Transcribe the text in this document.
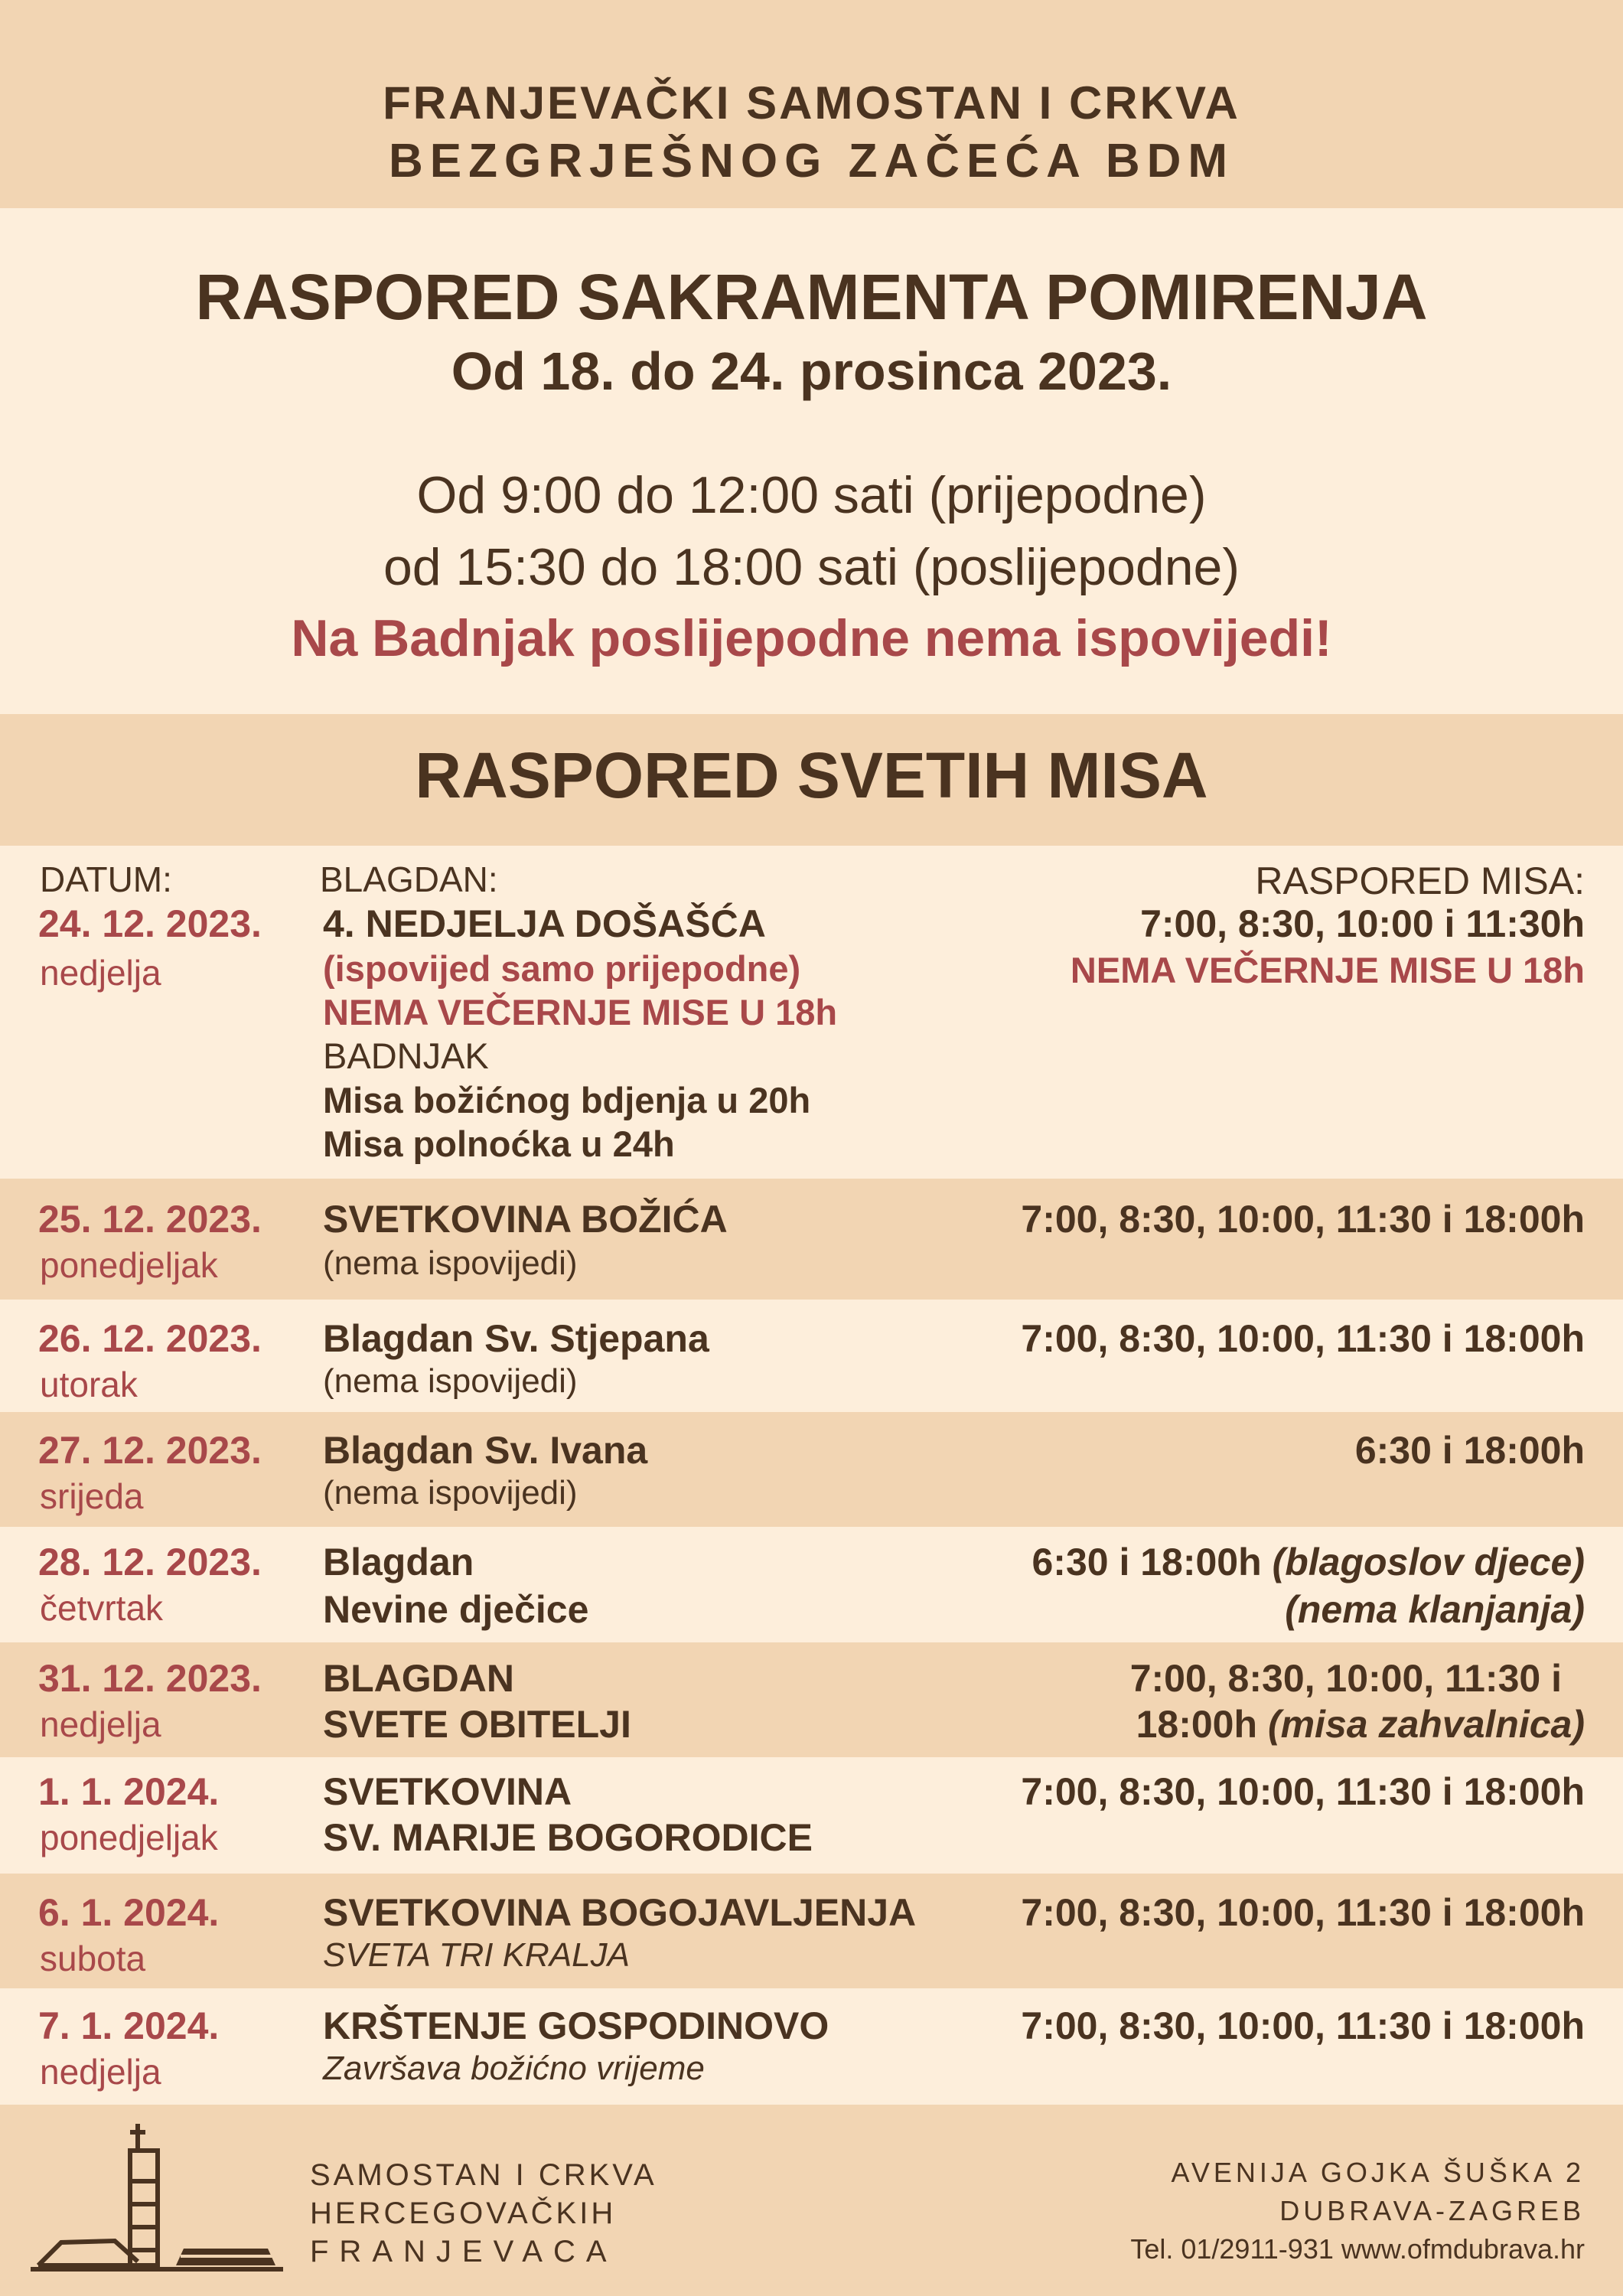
FRANJEVAČKI SAMOSTAN I CRKVA
BEZGRJEŠNOG ZAČEĆA BDM
RASPORED SAKRAMENTA POMIRENJA
Od 18. do 24. prosinca 2023.
Od 9:00 do 12:00 sati (prijepodne)
od 15:30 do 18:00 sati (poslijepodne)
Na Badnjak poslijepodne nema ispovijedi!
RASPORED SVETIH MISA
DATUM:	BLAGDAN:	RASPORED MISA:
24. 12. 2023.
nedjelja
4. NEDJELJA DOŠAŠĆA
(ispovijed samo prijepodne)
NEMA VEČERNJE MISE U 18h
BADNJAK
Misa božićnog bdjenja u 20h
Misa polnoćka u 24h
7:00, 8:30, 10:00 i 11:30h
NEMA VEČERNJE MISE U 18h
25. 12. 2023.
ponedjeljak
SVETKOVINA BOŽIĆA
(nema ispovijedi)
7:00, 8:30, 10:00, 11:30 i 18:00h
26. 12. 2023.
utorak
Blagdan Sv. Stjepana
(nema ispovijedi)
7:00, 8:30, 10:00, 11:30 i 18:00h
27. 12. 2023.
srijeda
Blagdan Sv. Ivana
(nema ispovijedi)
6:30 i 18:00h
28. 12. 2023.
četvrtak
Blagdan
Nevine dječice
6:30 i 18:00h (blagoslov djece)
(nema klanjanja)
31. 12. 2023.
nedjelja
BLAGDAN
SVETE OBITELJI
7:00, 8:30, 10:00, 11:30 i
18:00h (misa zahvalnica)
1. 1. 2024.
ponedjeljak
SVETKOVINA
SV. MARIJE BOGORODICE
7:00, 8:30, 10:00, 11:30 i 18:00h
6. 1. 2024.
subota
SVETKOVINA BOGOJAVLJENJA
SVETA TRI KRALJA
7:00, 8:30, 10:00, 11:30 i 18:00h
7. 1. 2024.
nedjelja
KRŠTENJE GOSPODINOVO
Završava božićno vrijeme
7:00, 8:30, 10:00, 11:30 i 18:00h
SAMOSTAN I CRKVA
HERCEGOVAČKIH
FRANJEVACA
AVENIJA GOJKA ŠUŠKA 2
DUBRAVA-ZAGREB
Tel. 01/2911-931 www.ofmdubrava.hr
